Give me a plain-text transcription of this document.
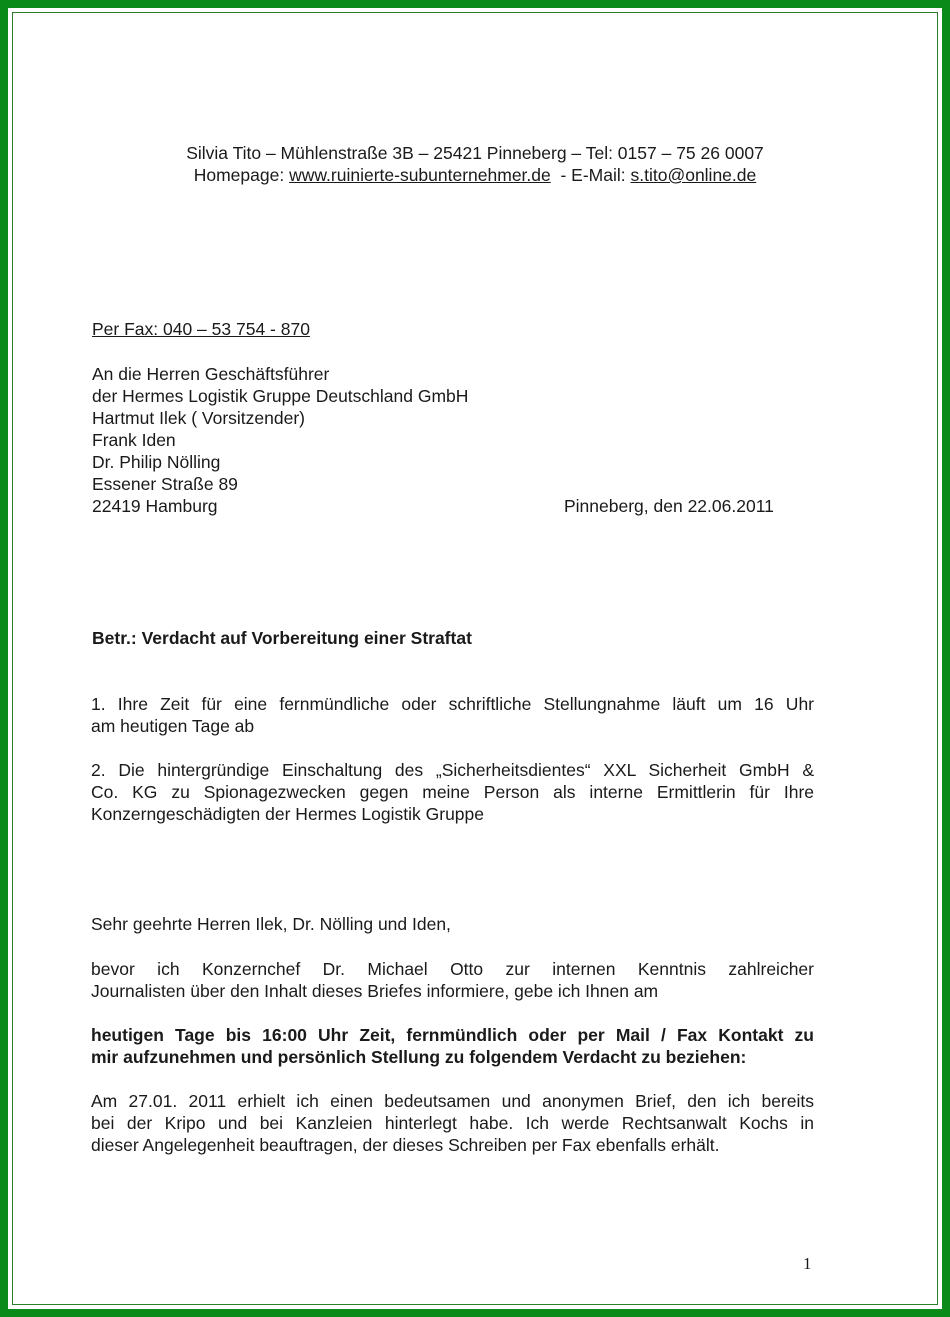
Silvia Tito – Mühlenstraße 3B – 25421 Pinneberg – Tel: 0157 – 75 26 0007
Homepage: www.ruinierte-subunternehmer.de  - E-Mail: s.tito@online.de
Per Fax: 040 – 53 754 - 870
An die Herren Geschäftsführer
der Hermes Logistik Gruppe Deutschland GmbH
Hartmut Ilek ( Vorsitzender)
Frank Iden
Dr. Philip Nölling
Essener Straße 89
22419 Hamburg	Pinneberg, den 22.06.2011
Betr.: Verdacht auf Vorbereitung einer Straftat
1. Ihre Zeit für eine fernmündliche oder schriftliche Stellungnahme läuft um 16 Uhr
am heutigen Tage ab
2. Die hintergründige Einschaltung des „Sicherheitsdientes“ XXL Sicherheit GmbH &
Co. KG zu Spionagezwecken gegen meine Person als interne Ermittlerin für Ihre
Konzerngeschädigten der Hermes Logistik Gruppe
Sehr geehrte Herren Ilek, Dr. Nölling und Iden,
bevor ich Konzernchef Dr. Michael Otto zur internen Kenntnis zahlreicher
Journalisten über den Inhalt dieses Briefes informiere, gebe ich Ihnen am
heutigen Tage bis 16:00 Uhr Zeit, fernmündlich oder per Mail / Fax Kontakt zu
mir aufzunehmen und persönlich Stellung zu folgendem Verdacht zu beziehen:
Am 27.01. 2011 erhielt ich einen bedeutsamen und anonymen Brief, den ich bereits
bei der Kripo und bei Kanzleien hinterlegt habe. Ich werde Rechtsanwalt Kochs in
dieser Angelegenheit beauftragen, der dieses Schreiben per Fax ebenfalls erhält.
1
